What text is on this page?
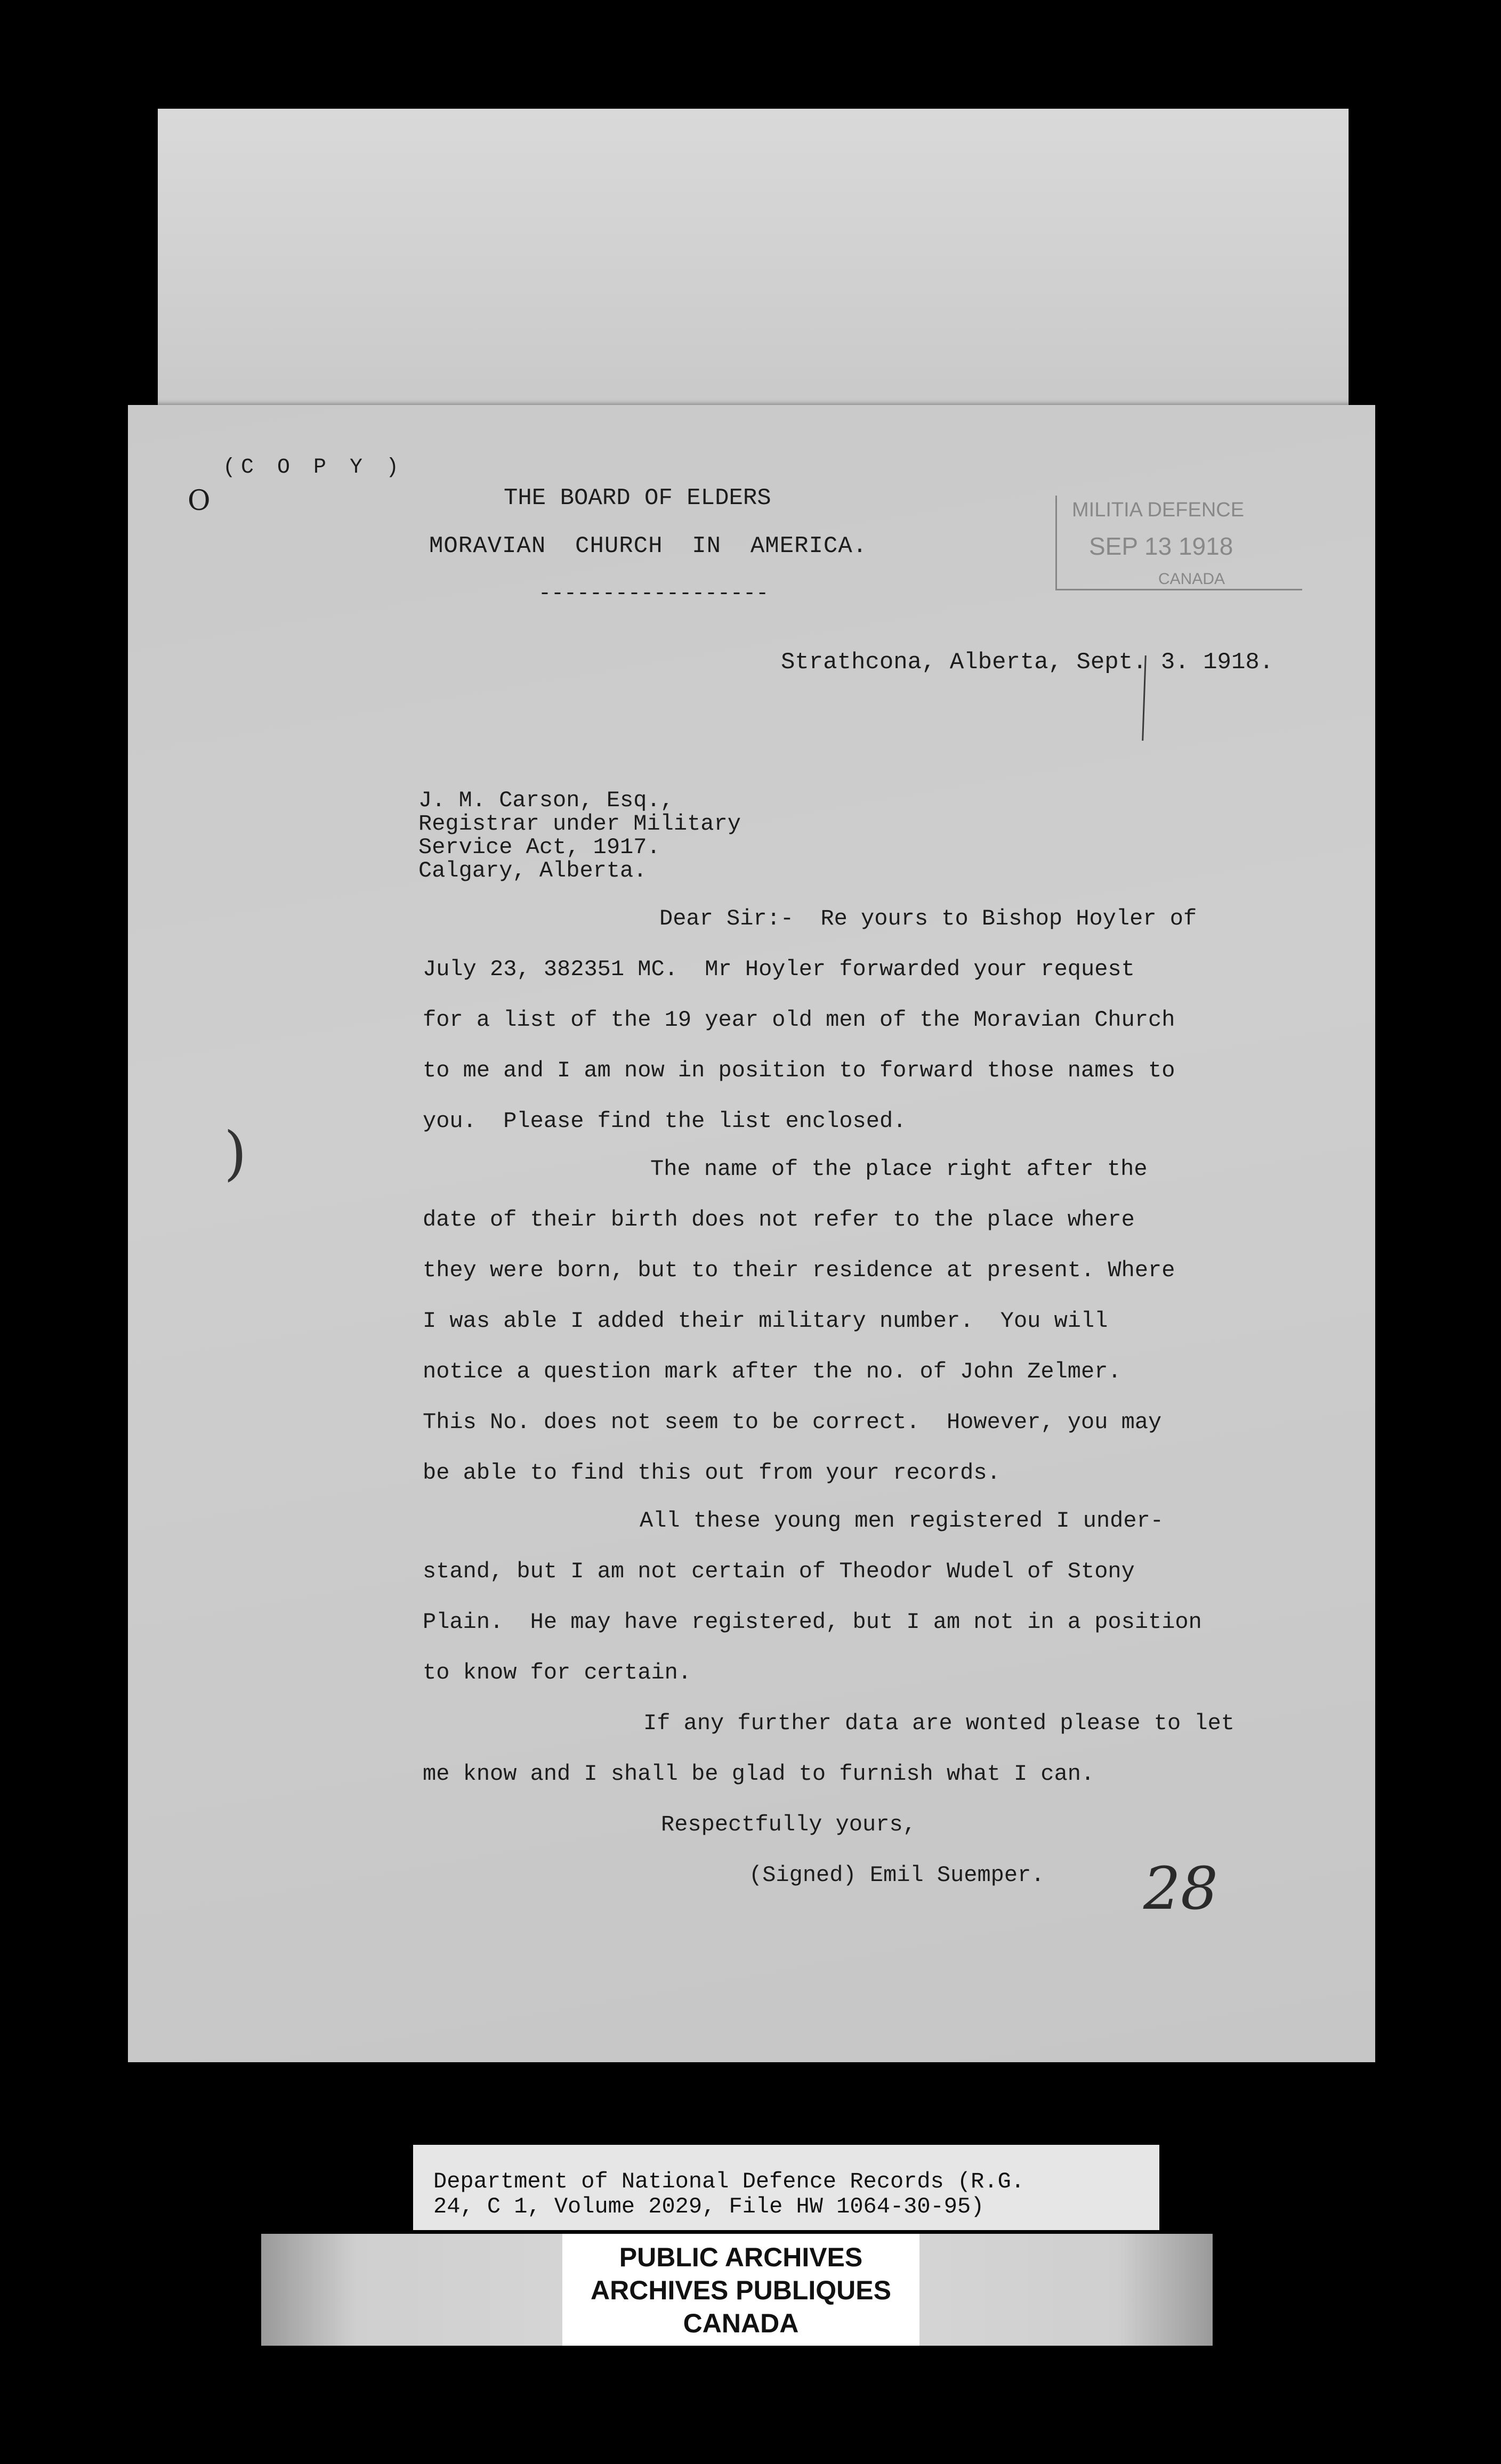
O
(C O P Y )
THE BOARD OF ELDERS
MORAVIAN  CHURCH  IN  AMERICA.
------------------
MILITIA DEFENCE
SEP 13 1918
CANADA
Strathcona, Alberta, Sept. 3. 1918.
J. M. Carson, Esq.,
Registrar under Military
Service Act, 1917.
Calgary, Alberta.
Dear Sir:-  Re yours to Bishop Hoyler of
July 23, 382351 MC.  Mr Hoyler forwarded your request
for a list of the 19 year old men of the Moravian Church
to me and I am now in position to forward those names to
you.  Please find the list enclosed.
The name of the place right after the
date of their birth does not refer to the place where
they were born, but to their residence at present. Where
I was able I added their military number.  You will
notice a question mark after the no. of John Zelmer.
This No. does not seem to be correct.  However, you may
be able to find this out from your records.
All these young men registered I under-
stand, but I am not certain of Theodor Wudel of Stony
Plain.  He may have registered, but I am not in a position
to know for certain.
If any further data are wonted please to let
me know and I shall be glad to furnish what I can.
Respectfully yours,
(Signed) Emil Suemper.
)
28
Department of National Defence Records (R.G.
24, C 1, Volume 2029, File HW 1064-30-95)
PUBLIC ARCHIVES
ARCHIVES PUBLIQUES
CANADA
